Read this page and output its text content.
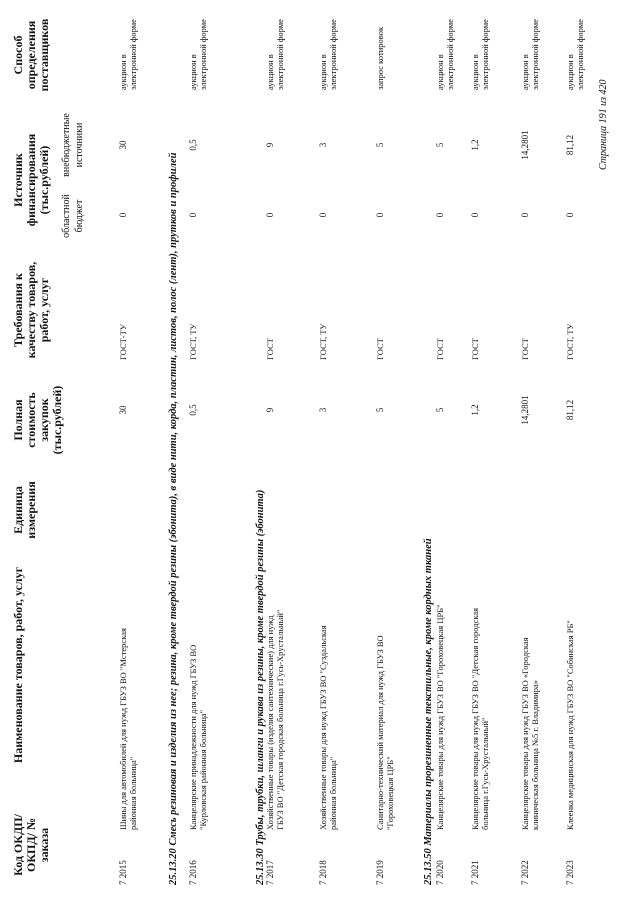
Код ОКДП/ ОКПД/ № заказа
Наименование товаров, работ, услуг
Единица измерения
Полная стоимость закупок (тыс.рублей)
Требования к качеству товаров, работ, услуг
Источник финансирования (тыс.рублей)
областной бюджет
внебюджетные источники
Способ определения поставщиков
7 2015
Шины для автомобилей для нужд ГБУЗ ВО "Мстерская районная больница"
30
ГОСТ-ТУ
0
30
аукцион в электронной форме
25.13.20 Смесь резиновая и изделия из нее; резина, кроме твердой резины (эбонита), в виде нити, корда, пластин, листов, полос (лент), прутков и профилей 7 2016
Канцелярские принадлежности для нужд ГБУЗ ВО "Курловская районная больница"
0,5
ГОСТ, ТУ
0
0,5
аукцион в электронной форме
25.13.30 Трубы, трубки, шланги и рукава из резины, кроме твердой резины (эбонита) 7 2017
Хозяйственные товары (изделия сантехнические) для нужд ГБУЗ ВО "Детская городская больница г.Гусь-Хрустальный"
9
ГОСТ
0
9
аукцион в электронной форме
7 2018
Хозяйственные товары для нужд ГБУЗ ВО "Суздальская районная больница"
3
ГОСТ, ТУ
0
3
аукцион в электронной форме
7 2019
Санитарно-технический материал для нужд ГБУЗ ВО "Гороховецкая ЦРБ"
5
ГОСТ
0
5
запрос котировок
25.13.50 Материалы прорезиненные текстильные, кроме кордных тканей 7 2020
Канцелярские товары для нужд ГБУЗ ВО "Гороховецкая ЦРБ"
5
ГОСТ
0
5
аукцион в электронной форме
7 2021
Канцелярские товары для нужд ГБУЗ ВО "Детская городская больница г.Гусь-Хрустальный"
1,2
ГОСТ
0
1,2
аукцион в электронной форме
7 2022
Канцелярские товары для нужд ГБУЗ ВО «Городская клиническая больница №5 г. Владимира»
14,2801
ГОСТ
0
14,2801
аукцион в электронной форме
7 2023
Клеенка медицинская для нужд ГБУЗ ВО "Собинская РБ"
81,12
ГОСТ, ТУ
0
81,12
аукцион в электронной форме
Страница 191 из 420
